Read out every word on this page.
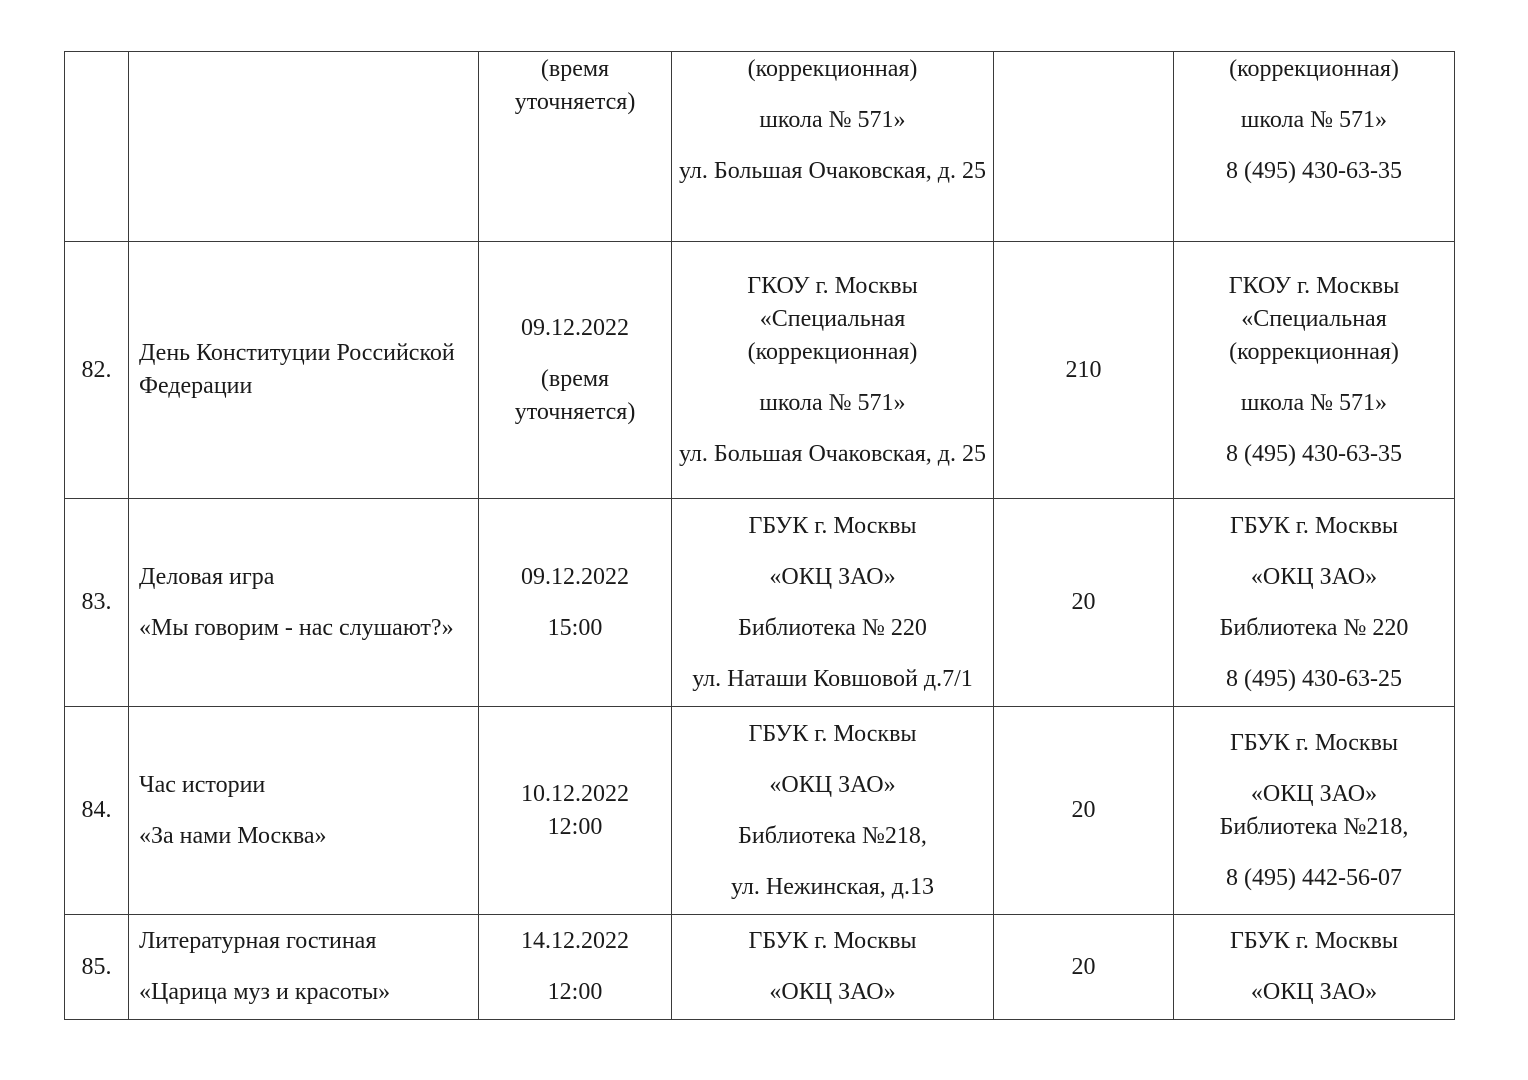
		(время уточняется)	(коррекционная)
школа № 571»
ул. Большая Очаковская, д. 25		(коррекционная)
школа № 571»
8 (495) 430-63-35

82.	День Конституции Российской Федерации	09.12.2022
(время уточняется)	ГКОУ г. Москвы «Специальная (коррекционная)
школа № 571»
ул. Большая Очаковская, д. 25	210	ГКОУ г. Москвы «Специальная (коррекционная)
школа № 571»
8 (495) 430-63-35

83.	Деловая игра
«Мы говорим - нас слушают?»	09.12.2022
15:00	ГБУК г. Москвы
«ОКЦ ЗАО»
Библиотека № 220
ул. Наташи Ковшовой д.7/1	20	ГБУК г. Москвы
«ОКЦ ЗАО»
Библиотека № 220
8 (495) 430-63-25

84.	Час истории
«За нами Москва»	10.12.2022
12:00	ГБУК г. Москвы
«ОКЦ ЗАО»
Библиотека №218,
ул. Нежинская, д.13	20	ГБУК г. Москвы
«ОКЦ ЗАО» Библиотека №218,
8 (495) 442-56-07

85.	Литературная гостиная
«Царица муз и красоты»	14.12.2022
12:00	ГБУК г. Москвы
«ОКЦ ЗАО»	20	ГБУК г. Москвы
«ОКЦ ЗАО»
